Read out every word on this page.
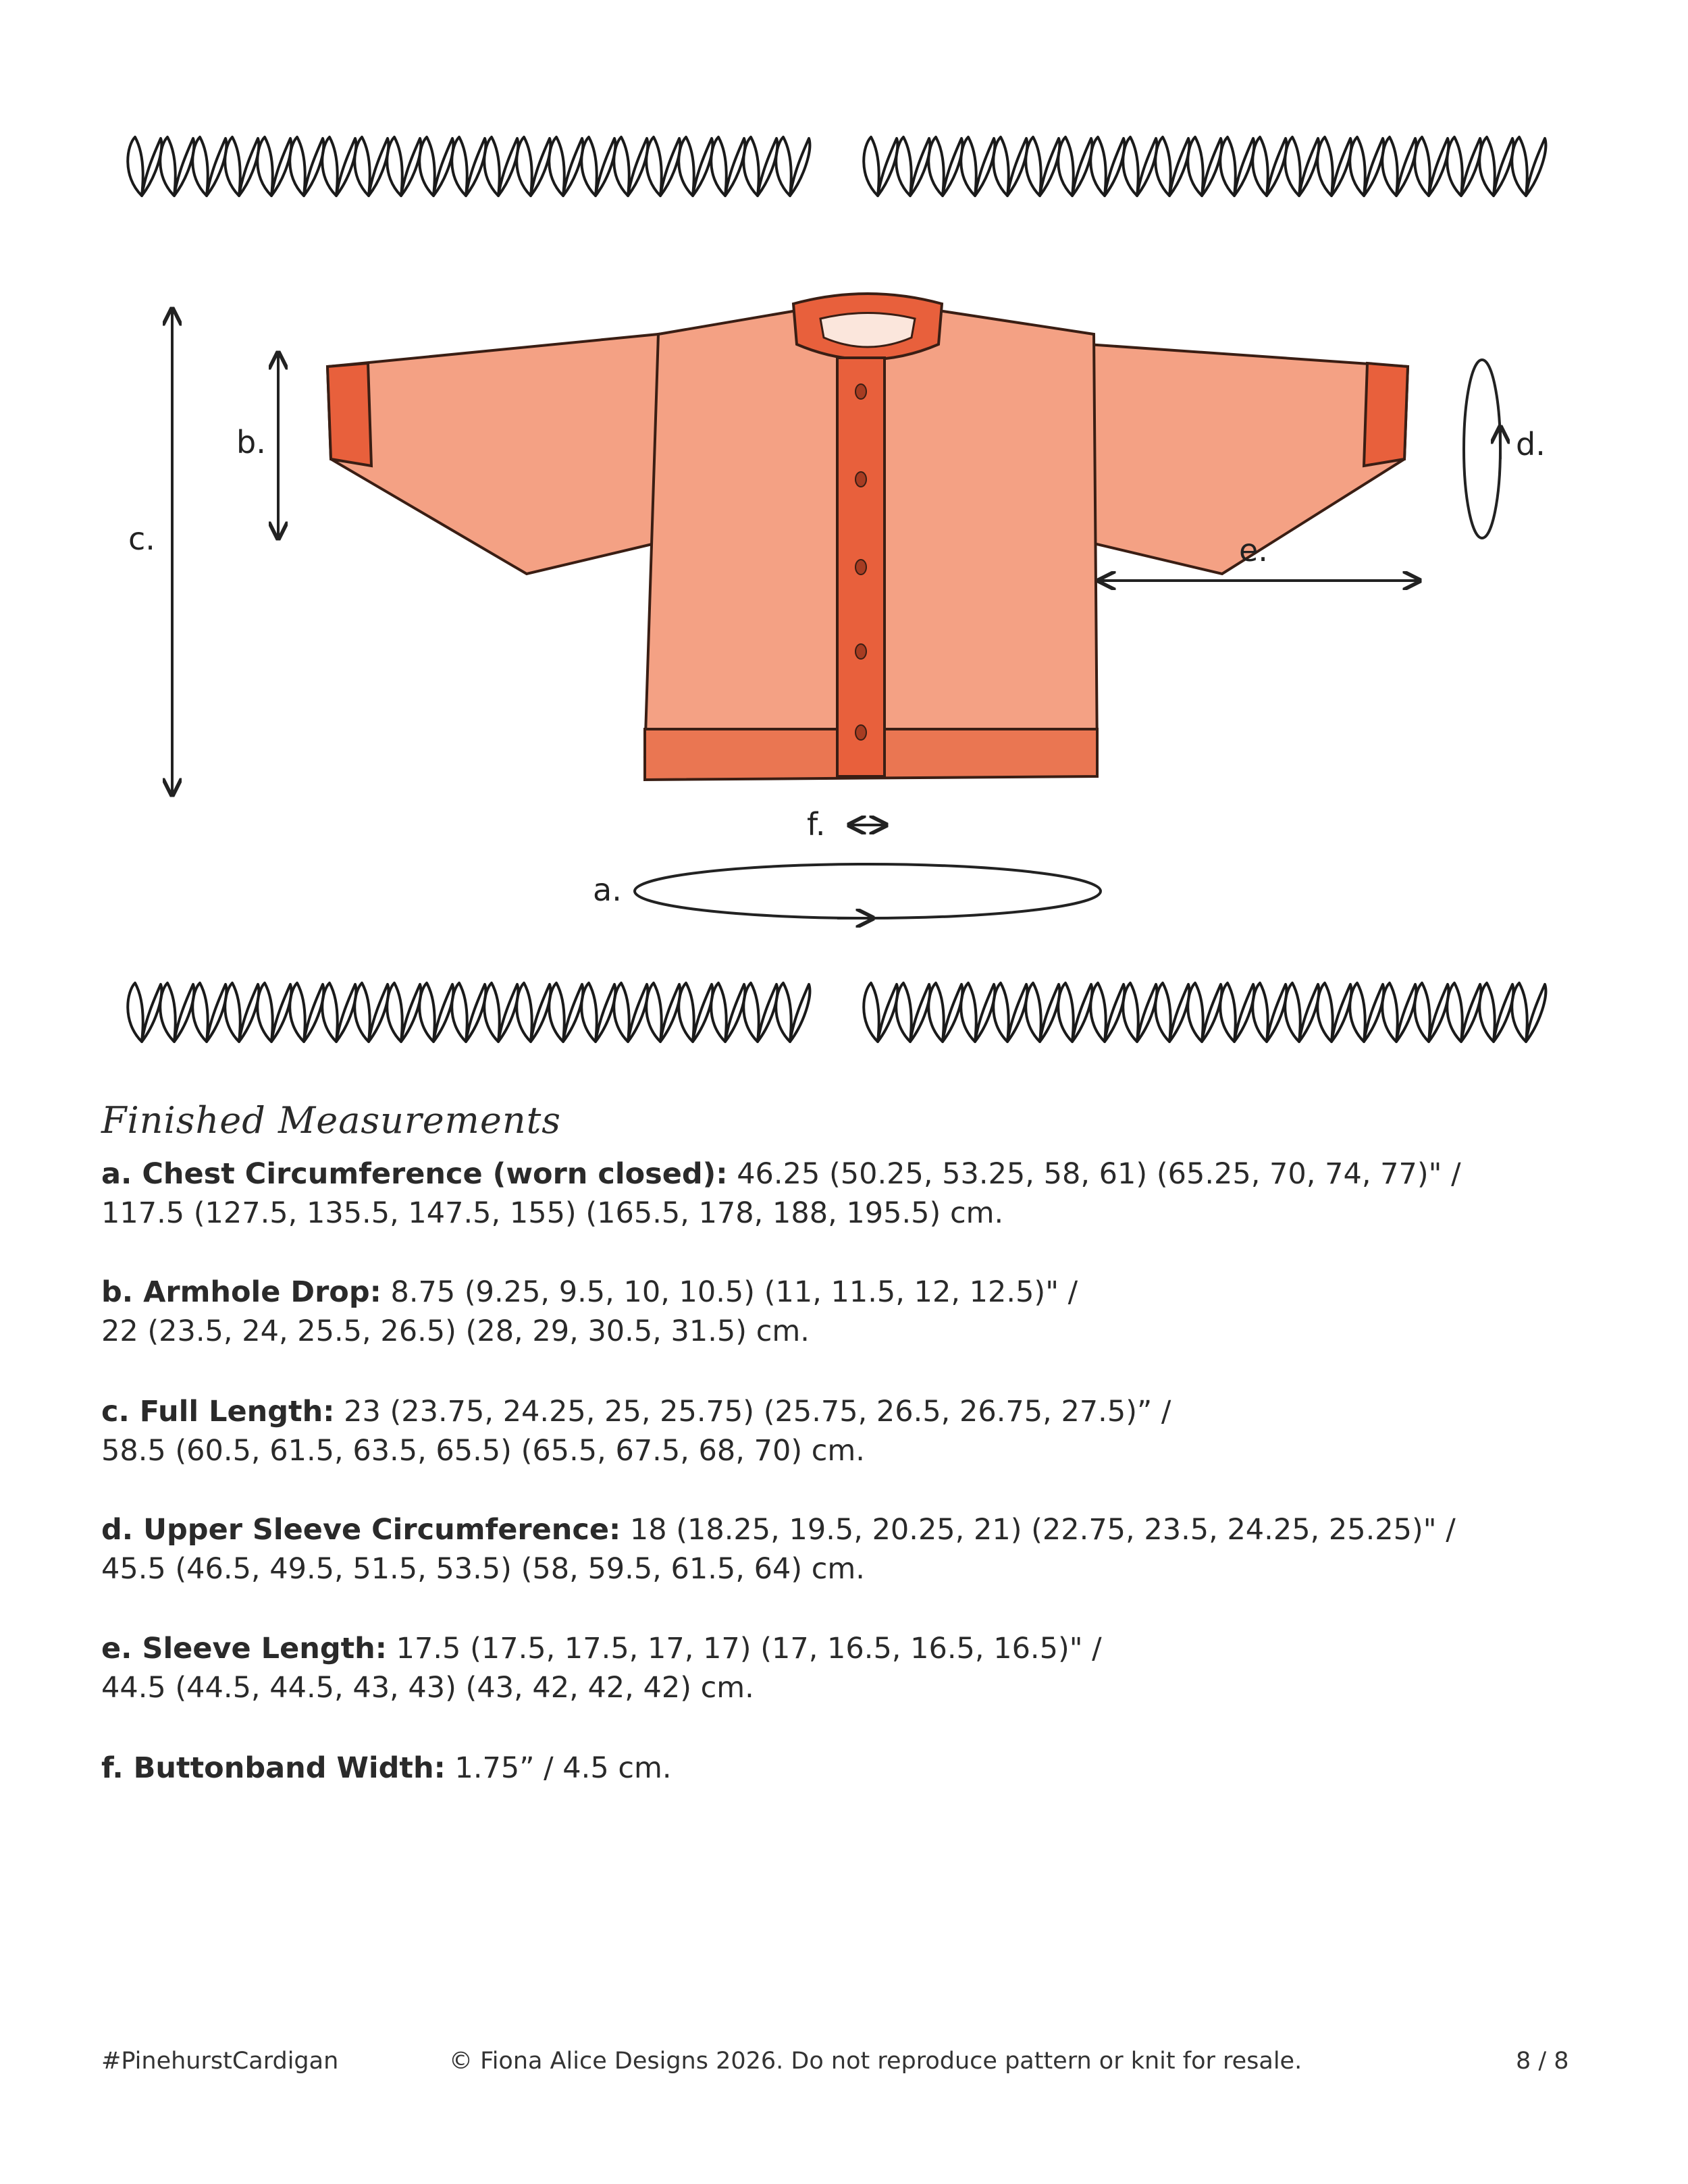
c.
b.	d.
e.
f.
a.
Finished Measurements
a. Chest Circumference (worn closed): 46.25 (50.25, 53.25, 58, 61) (65.25, 70, 74, 77)" /
117.5 (127.5, 135.5, 147.5, 155) (165.5, 178, 188, 195.5) cm.
b. Armhole Drop: 8.75 (9.25, 9.5, 10, 10.5) (11, 11.5, 12, 12.5)" /
22 (23.5, 24, 25.5, 26.5) (28, 29, 30.5, 31.5) cm.
c. Full Length: 23 (23.75, 24.25, 25, 25.75) (25.75, 26.5, 26.75, 27.5)” /
58.5 (60.5, 61.5, 63.5, 65.5) (65.5, 67.5, 68, 70) cm.
d. Upper Sleeve Circumference: 18 (18.25, 19.5, 20.25, 21) (22.75, 23.5, 24.25, 25.25)" /
45.5 (46.5, 49.5, 51.5, 53.5) (58, 59.5, 61.5, 64) cm.
e. Sleeve Length: 17.5 (17.5, 17.5, 17, 17) (17, 16.5, 16.5, 16.5)" /
44.5 (44.5, 44.5, 43, 43) (43, 42, 42, 42) cm.
f. Buttonband Width: 1.75” / 4.5 cm.
#PinehurstCardigan	© Fiona Alice Designs 2026. Do not reproduce pattern or knit for resale.	8 / 8
